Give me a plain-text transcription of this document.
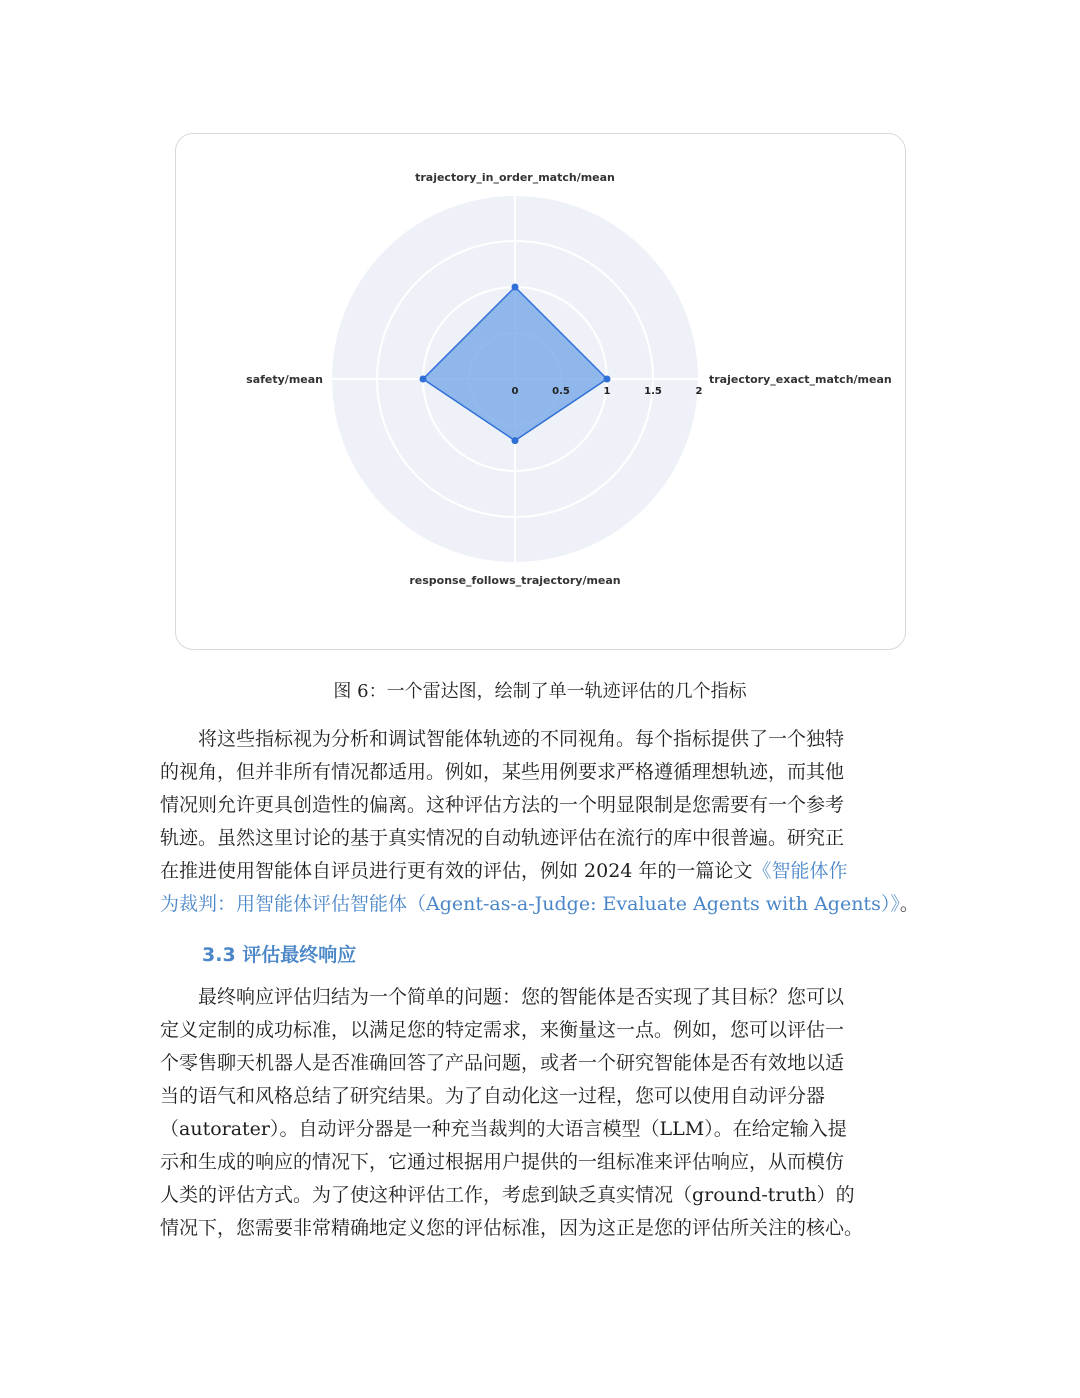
0	0.5	1	1.5	2
trajectory_in_order_match/mean
trajectory_exact_match/mean
response_follows_trajectory/mean
safety/mean
图 6：一个雷达图，绘制了单一轨迹评估的几个指标
　　将这些指标视为分析和调试智能体轨迹的不同视角。每个指标提供了一个独特
的视角，但并非所有情况都适用。例如，某些用例要求严格遵循理想轨迹，而其他
情况则允许更具创造性的偏离。这种评估方法的一个明显限制是您需要有一个参考
轨迹。虽然这里讨论的基于真实情况的自动轨迹评估在流行的库中很普遍。研究正
在推进使用智能体自评员进行更有效的评估，例如 2024 年的一篇论文《智能体作
为裁判：用智能体评估智能体（Agent-as-a-Judge: Evaluate Agents with Agents）》。
3.3 评估最终响应
　　最终响应评估归结为一个简单的问题：您的智能体是否实现了其目标？您可以
定义定制的成功标准，以满足您的特定需求，来衡量这一点。例如，您可以评估一
个零售聊天机器人是否准确回答了产品问题，或者一个研究智能体是否有效地以适
当的语气和风格总结了研究结果。为了自动化这一过程，您可以使用自动评分器
（autorater）。自动评分器是一种充当裁判的大语言模型（LLM）。在给定输入提
示和生成的响应的情况下，它通过根据用户提供的一组标准来评估响应，从而模仿
人类的评估方式。为了使这种评估工作，考虑到缺乏真实情况（ground-truth）的
情况下，您需要非常精确地定义您的评估标准，因为这正是您的评估所关注的核心。
